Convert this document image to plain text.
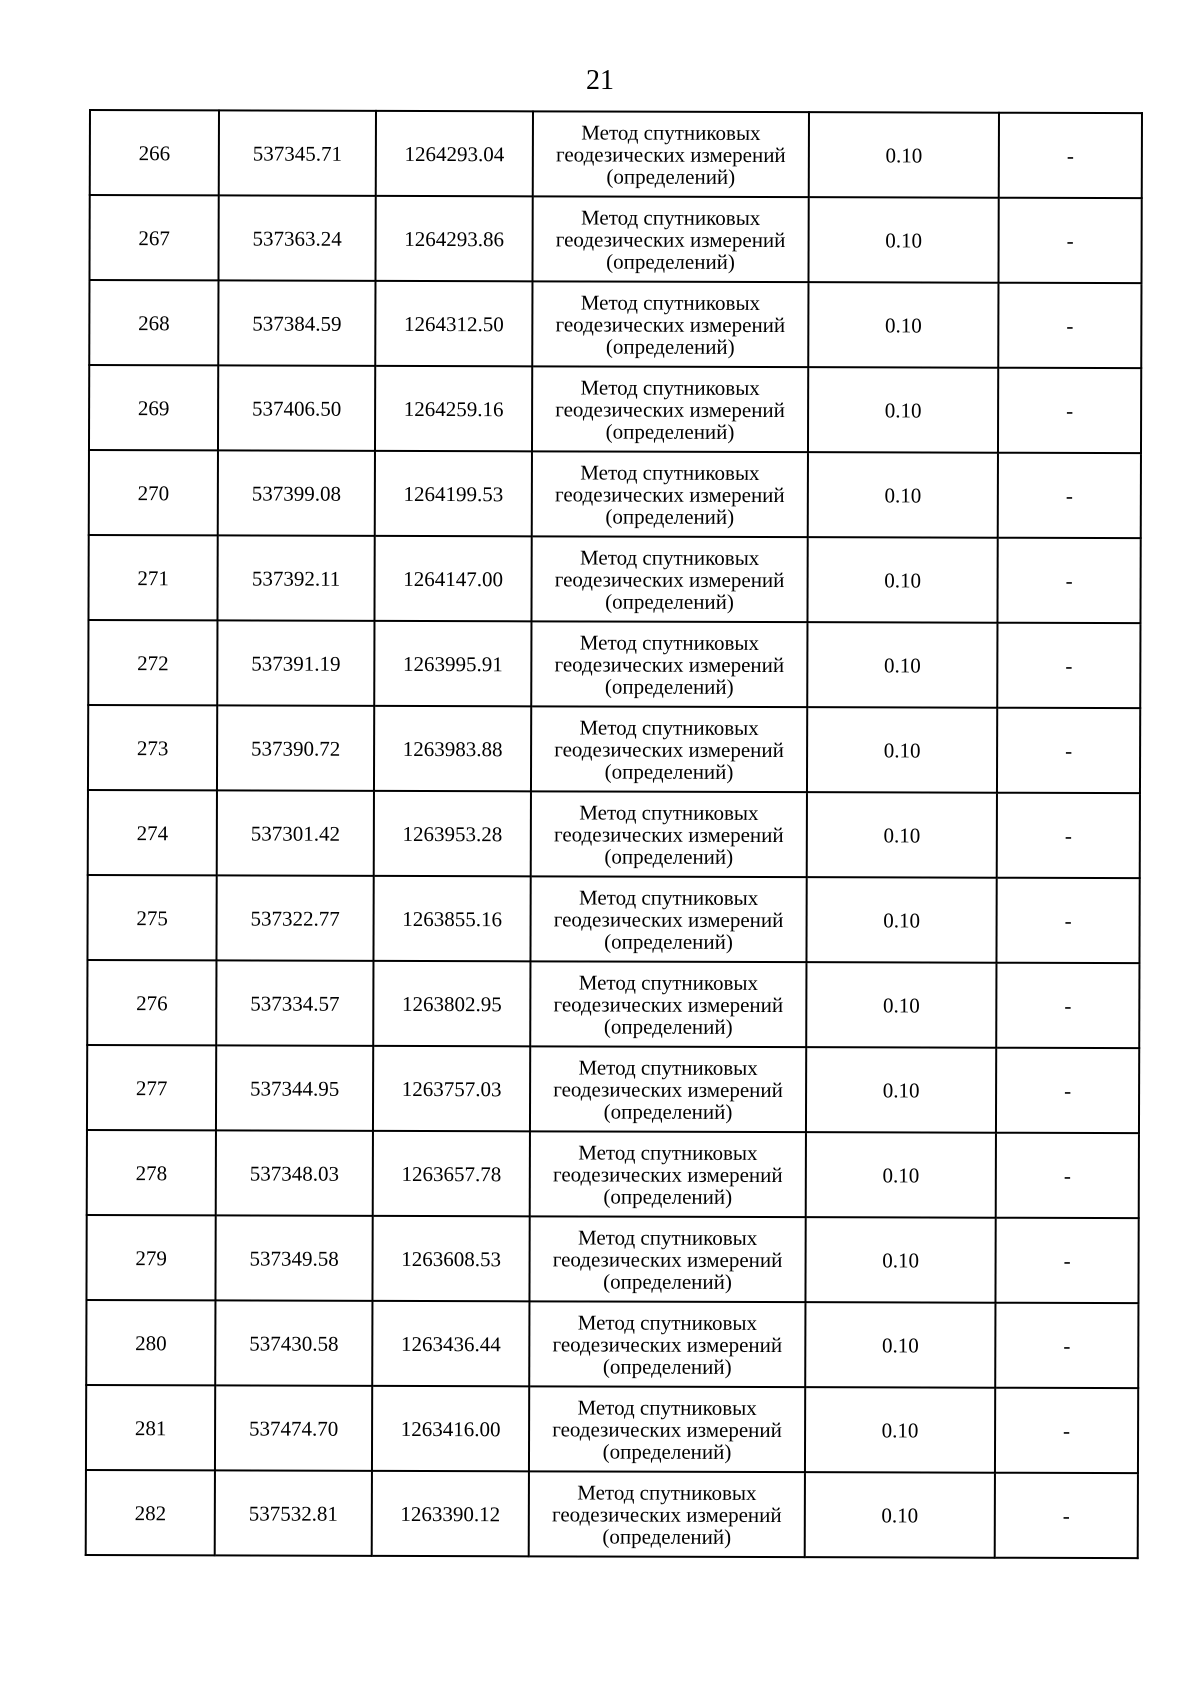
21
266	537345.71	1264293.04	Метод спутниковых
геодезических измерений
(определений)	0.10	-
267	537363.24	1264293.86	Метод спутниковых
геодезических измерений
(определений)	0.10	-
268	537384.59	1264312.50	Метод спутниковых
геодезических измерений
(определений)	0.10	-
269	537406.50	1264259.16	Метод спутниковых
геодезических измерений
(определений)	0.10	-
270	537399.08	1264199.53	Метод спутниковых
геодезических измерений
(определений)	0.10	-
271	537392.11	1264147.00	Метод спутниковых
геодезических измерений
(определений)	0.10	-
272	537391.19	1263995.91	Метод спутниковых
геодезических измерений
(определений)	0.10	-
273	537390.72	1263983.88	Метод спутниковых
геодезических измерений
(определений)	0.10	-
274	537301.42	1263953.28	Метод спутниковых
геодезических измерений
(определений)	0.10	-
275	537322.77	1263855.16	Метод спутниковых
геодезических измерений
(определений)	0.10	-
276	537334.57	1263802.95	Метод спутниковых
геодезических измерений
(определений)	0.10	-
277	537344.95	1263757.03	Метод спутниковых
геодезических измерений
(определений)	0.10	-
278	537348.03	1263657.78	Метод спутниковых
геодезических измерений
(определений)	0.10	-
279	537349.58	1263608.53	Метод спутниковых
геодезических измерений
(определений)	0.10	-
280	537430.58	1263436.44	Метод спутниковых
геодезических измерений
(определений)	0.10	-
281	537474.70	1263416.00	Метод спутниковых
геодезических измерений
(определений)	0.10	-
282	537532.81	1263390.12	Метод спутниковых
геодезических измерений
(определений)	0.10	-
